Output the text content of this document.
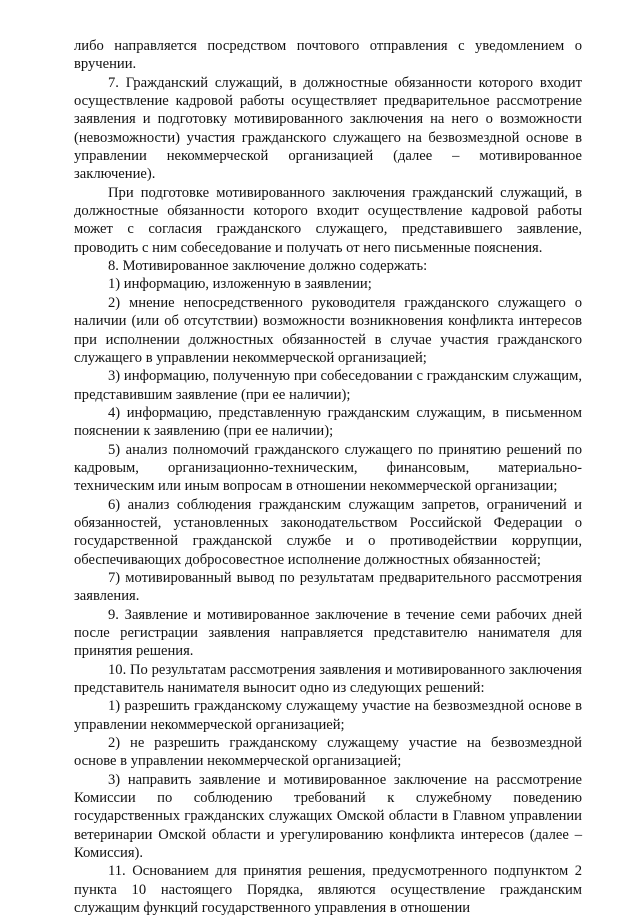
либо направляется посредством почтового отправления с уведомлением о вручении.

7. Гражданский служащий, в должностные обязанности которого входит осуществление кадровой работы осуществляет предварительное рассмотрение заявления и подготовку мотивированного заключения на него о возможности (невозможности) участия гражданского служащего на безвозмездной основе в управлении некоммерческой организацией (далее – мотивированное заключение).

При подготовке мотивированного заключения гражданский служащий, в должностные обязанности которого входит осуществление кадровой работы может с согласия гражданского служащего, представившего заявление, проводить с ним собеседование и получать от него письменные пояснения.

8. Мотивированное заключение должно содержать:

1) информацию, изложенную в заявлении;

2) мнение непосредственного руководителя гражданского служащего о наличии (или об отсутствии) возможности возникновения конфликта интересов при исполнении должностных обязанностей в случае участия гражданского служащего в управлении некоммерческой организацией;

3) информацию, полученную при собеседовании с гражданским служащим, представившим заявление (при ее наличии);

4) информацию, представленную гражданским служащим, в письменном пояснении к заявлению (при ее наличии);

5) анализ полномочий гражданского служащего по принятию решений по кадровым, организационно-техническим, финансовым, материально-техническим или иным вопросам в отношении некоммерческой организации;

6) анализ соблюдения гражданским служащим запретов, ограничений и обязанностей, установленных законодательством Российской Федерации о государственной гражданской службе и о противодействии коррупции, обеспечивающих добросовестное исполнение должностных обязанностей;

7) мотивированный вывод по результатам предварительного рассмотрения заявления.

9. Заявление и мотивированное заключение в течение семи рабочих дней после регистрации заявления направляется представителю нанимателя для принятия решения.

10. По результатам рассмотрения заявления и мотивированного заключения представитель нанимателя выносит одно из следующих решений:

1) разрешить гражданскому служащему участие на безвозмездной основе в управлении некоммерческой организацией;

2) не разрешить гражданскому служащему участие на безвозмездной основе в управлении некоммерческой организацией;

3) направить заявление и мотивированное заключение на рассмотрение Комиссии по соблюдению требований к служебному поведению государственных гражданских служащих Омской области в Главном управлении ветеринарии Омской области и урегулированию конфликта интересов (далее – Комиссия).

11. Основанием для принятия решения, предусмотренного подпунктом 2 пункта 10 настоящего Порядка, являются осуществление гражданским служащим функций государственного управления в отношении
